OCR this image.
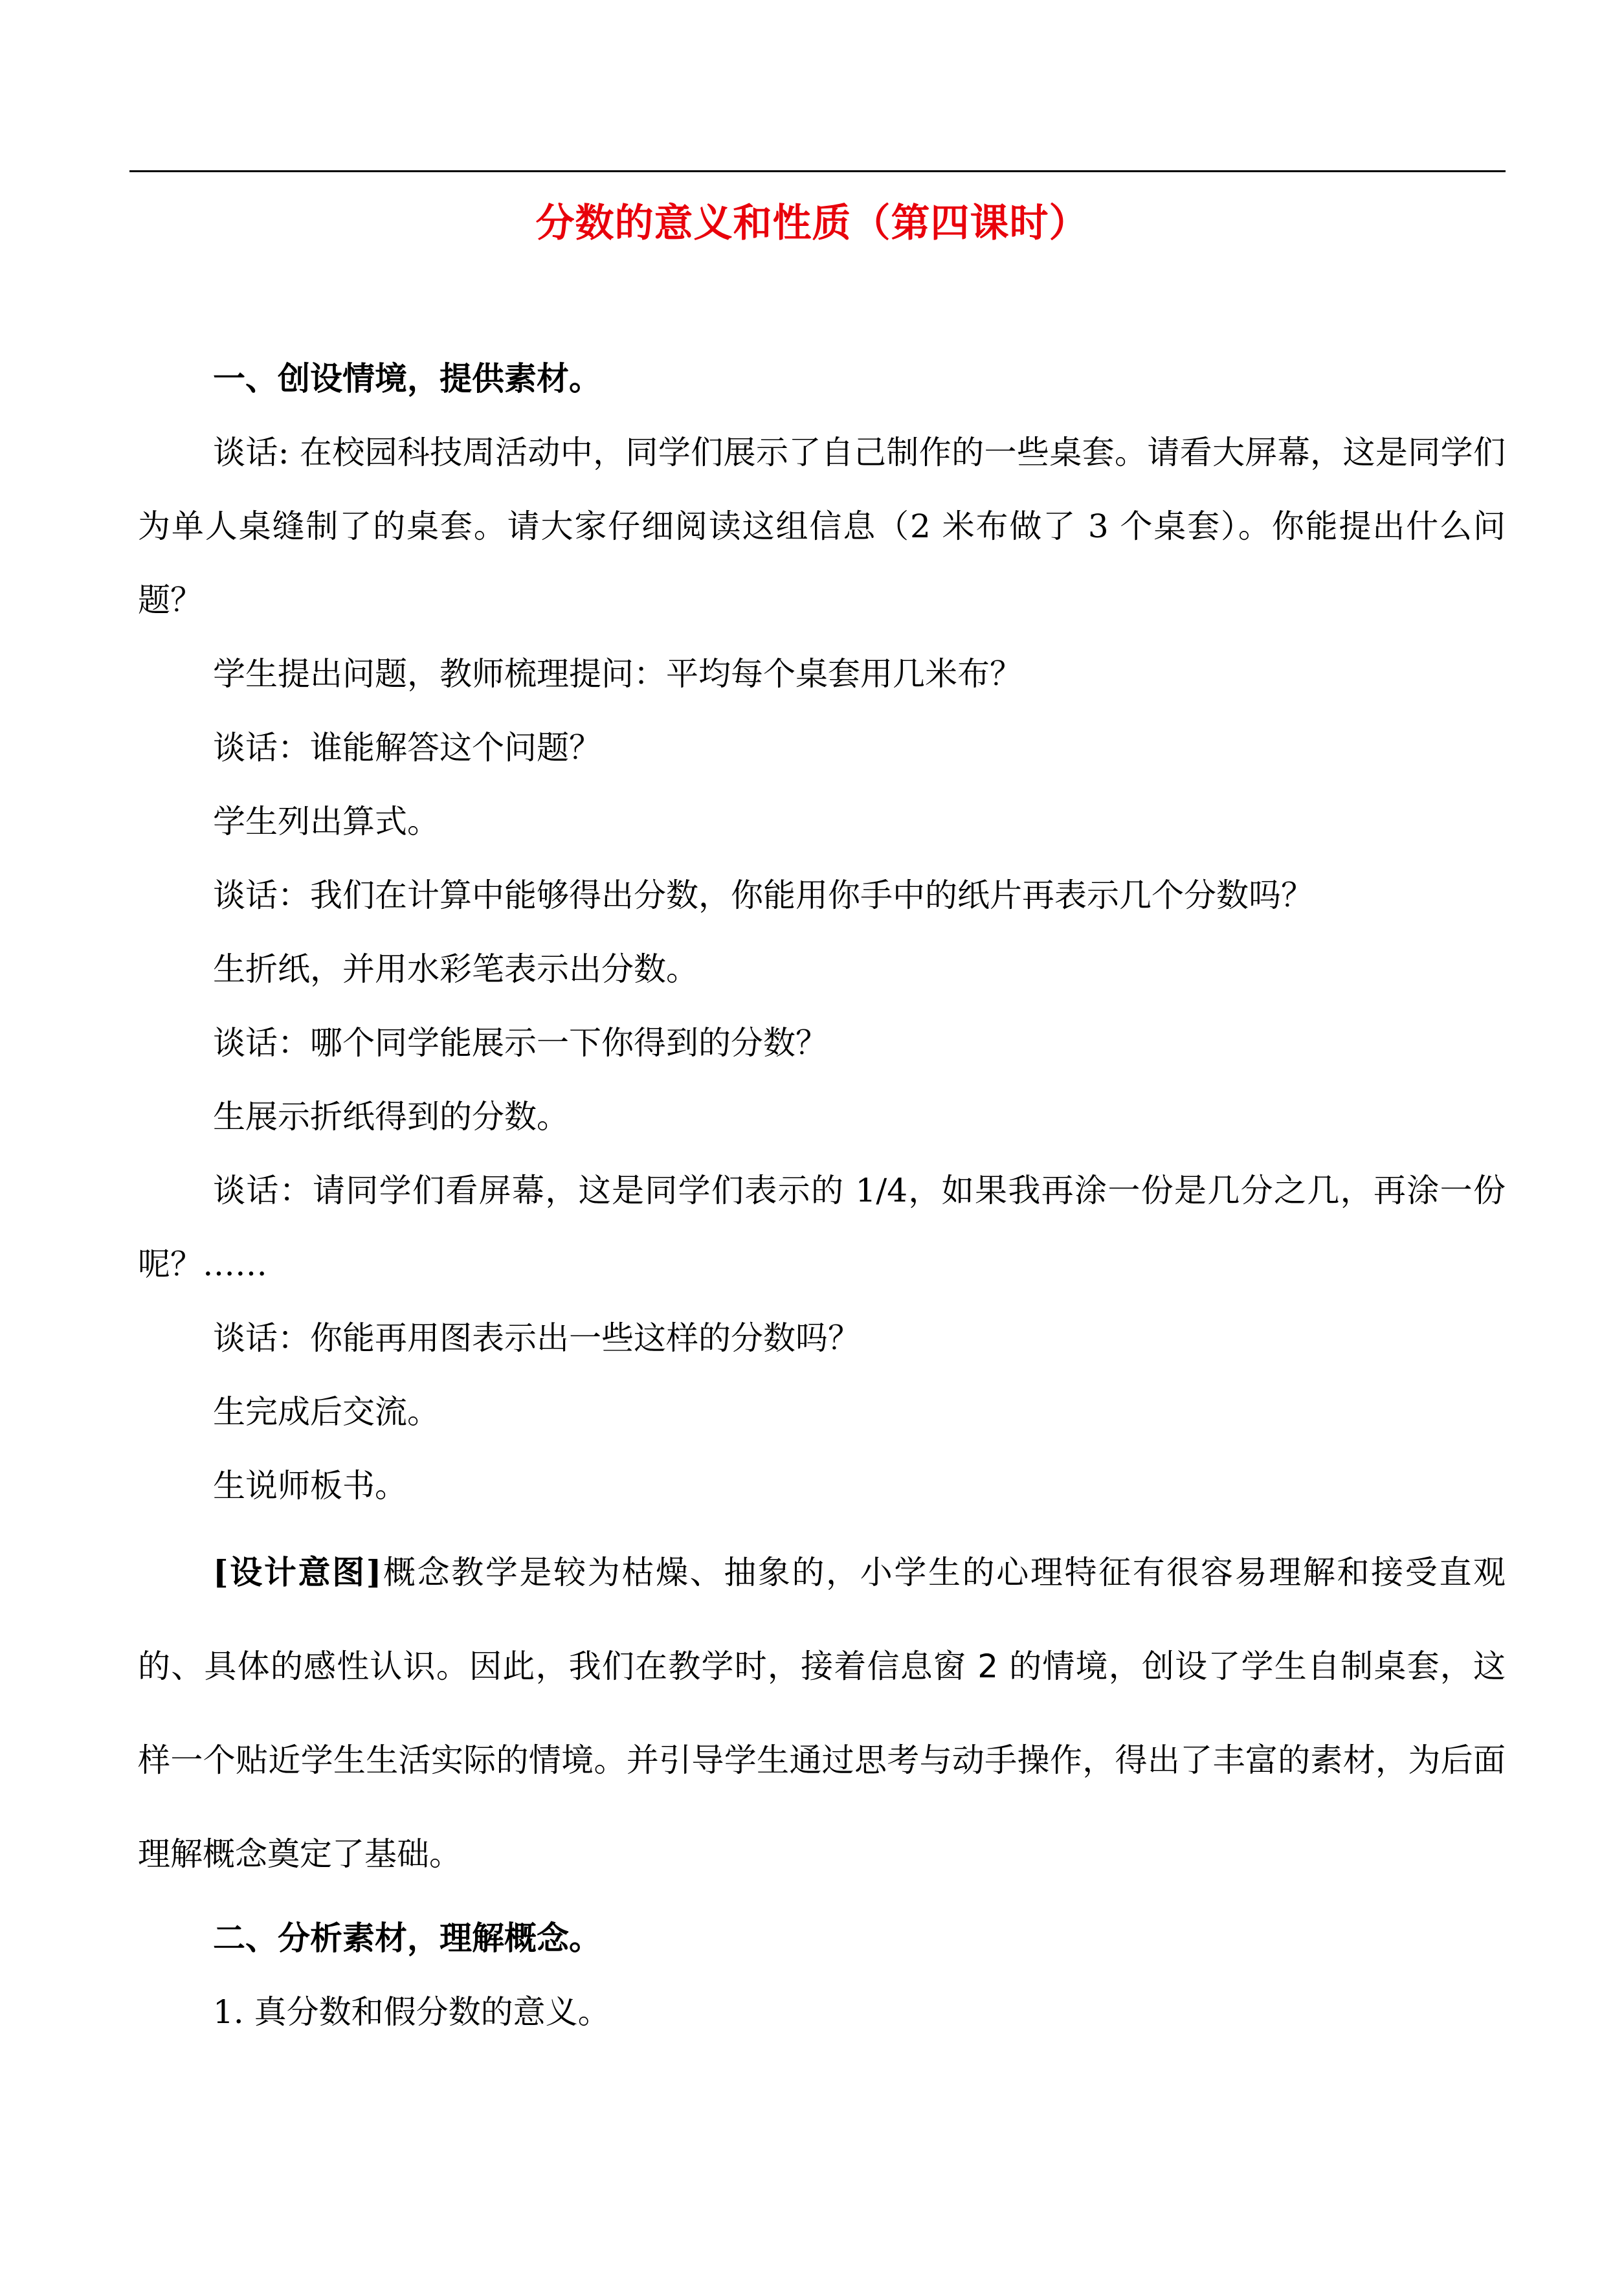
分数的意义和性质（第四课时）

一、创设情境，提供素材。

谈话: 在校园科技周活动中，同学们展示了自己制作的一些桌套。请看大屏幕，这是同学们为单人桌缝制了的桌套。请大家仔细阅读这组信息（2 米布做了 3 个桌套）。你能提出什么问题？

学生提出问题，教师梳理提问：平均每个桌套用几米布？

谈话：谁能解答这个问题？

学生列出算式。

谈话：我们在计算中能够得出分数，你能用你手中的纸片再表示几个分数吗？

生折纸，并用水彩笔表示出分数。

谈话：哪个同学能展示一下你得到的分数？

生展示折纸得到的分数。

谈话：请同学们看屏幕，这是同学们表示的 1/4，如果我再涂一份是几分之几，再涂一份呢？……

谈话：你能再用图表示出一些这样的分数吗？

生完成后交流。

生说师板书。

[设计意图]概念教学是较为枯燥、抽象的，小学生的心理特征有很容易理解和接受直观的、具体的感性认识。因此，我们在教学时，接着信息窗 2 的情境，创设了学生自制桌套，这样一个贴近学生生活实际的情境。并引导学生通过思考与动手操作，得出了丰富的素材，为后面理解概念奠定了基础。

二、分析素材，理解概念。

1. 真分数和假分数的意义。
